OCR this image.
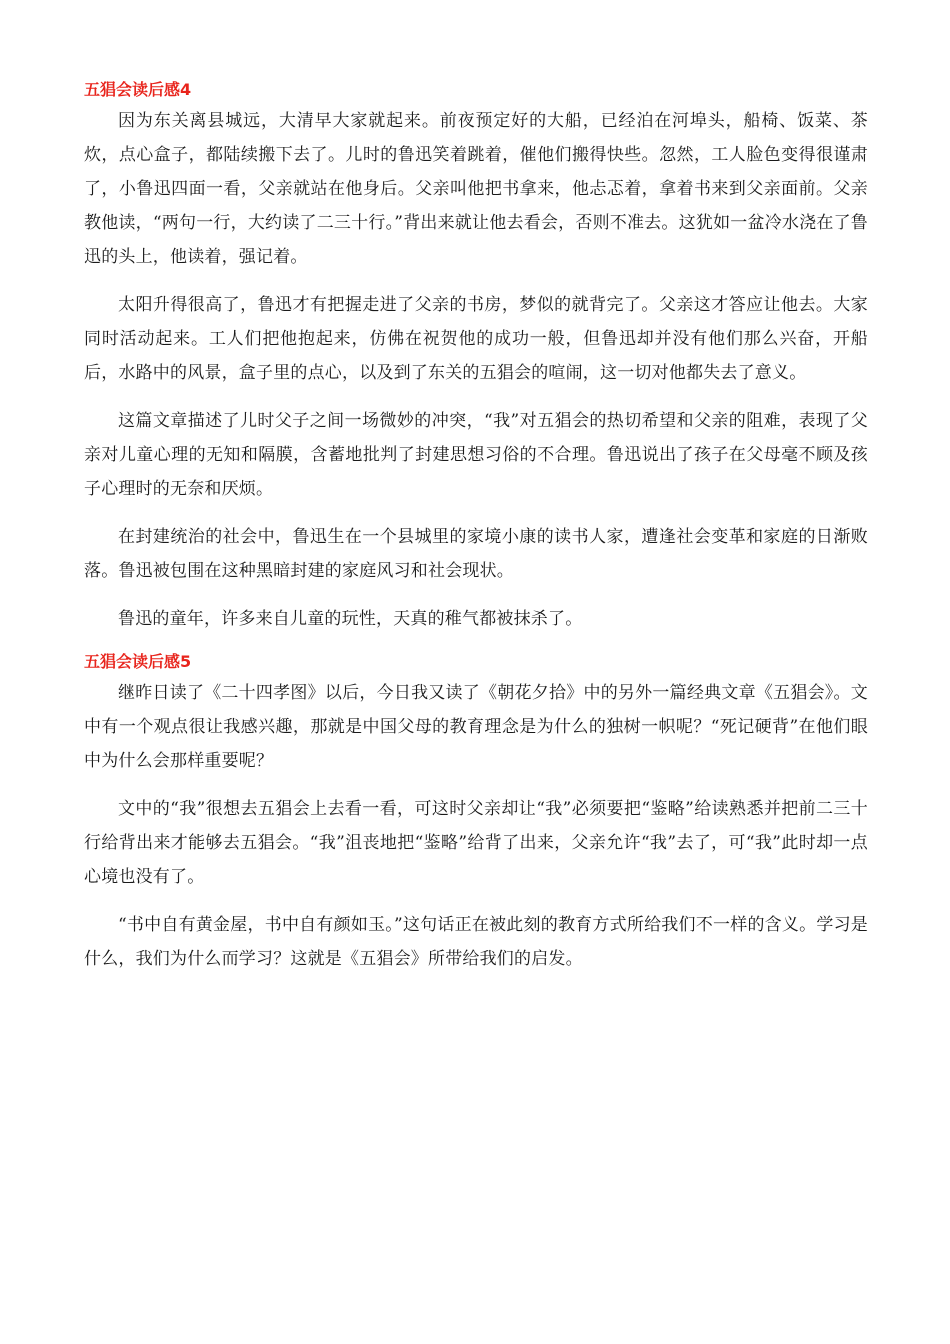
五猖会读后感4

因为东关离县城远，大清早大家就起来。前夜预定好的大船，已经泊在河埠头，船椅、饭菜、茶炊，点心盒子，都陆续搬下去了。儿时的鲁迅笑着跳着，催他们搬得快些。忽然，工人脸色变得很谨肃了，小鲁迅四面一看，父亲就站在他身后。父亲叫他把书拿来，他忐忑着，拿着书来到父亲面前。父亲教他读，“两句一行，大约读了二三十行。”背出来就让他去看会，否则不准去。这犹如一盆冷水浇在了鲁迅的头上，他读着，强记着。

太阳升得很高了，鲁迅才有把握走进了父亲的书房，梦似的就背完了。父亲这才答应让他去。大家同时活动起来。工人们把他抱起来，仿佛在祝贺他的成功一般，但鲁迅却并没有他们那么兴奋，开船后，水路中的风景，盒子里的点心，以及到了东关的五猖会的喧闹，这一切对他都失去了意义。

这篇文章描述了儿时父子之间一场微妙的冲突，“我”对五猖会的热切希望和父亲的阻难，表现了父亲对儿童心理的无知和隔膜，含蓄地批判了封建思想习俗的不合理。鲁迅说出了孩子在父母毫不顾及孩子心理时的无奈和厌烦。

在封建统治的社会中，鲁迅生在一个县城里的家境小康的读书人家，遭逢社会变革和家庭的日渐败落。鲁迅被包围在这种黑暗封建的家庭风习和社会现状。

鲁迅的童年，许多来自儿童的玩性，天真的稚气都被抹杀了。

五猖会读后感5

继昨日读了《二十四孝图》以后，今日我又读了《朝花夕拾》中的另外一篇经典文章《五猖会》。文中有一个观点很让我感兴趣，那就是中国父母的教育理念是为什么的独树一帜呢？“死记硬背”在他们眼中为什么会那样重要呢？

文中的“我”很想去五猖会上去看一看，可这时父亲却让“我”必须要把“鉴略”给读熟悉并把前二三十行给背出来才能够去五猖会。“我”沮丧地把“鉴略”给背了出来，父亲允许“我”去了，可“我”此时却一点心境也没有了。

“书中自有黄金屋，书中自有颜如玉。”这句话正在被此刻的教育方式所给我们不一样的含义。学习是什么，我们为什么而学习？这就是《五猖会》所带给我们的启发。
